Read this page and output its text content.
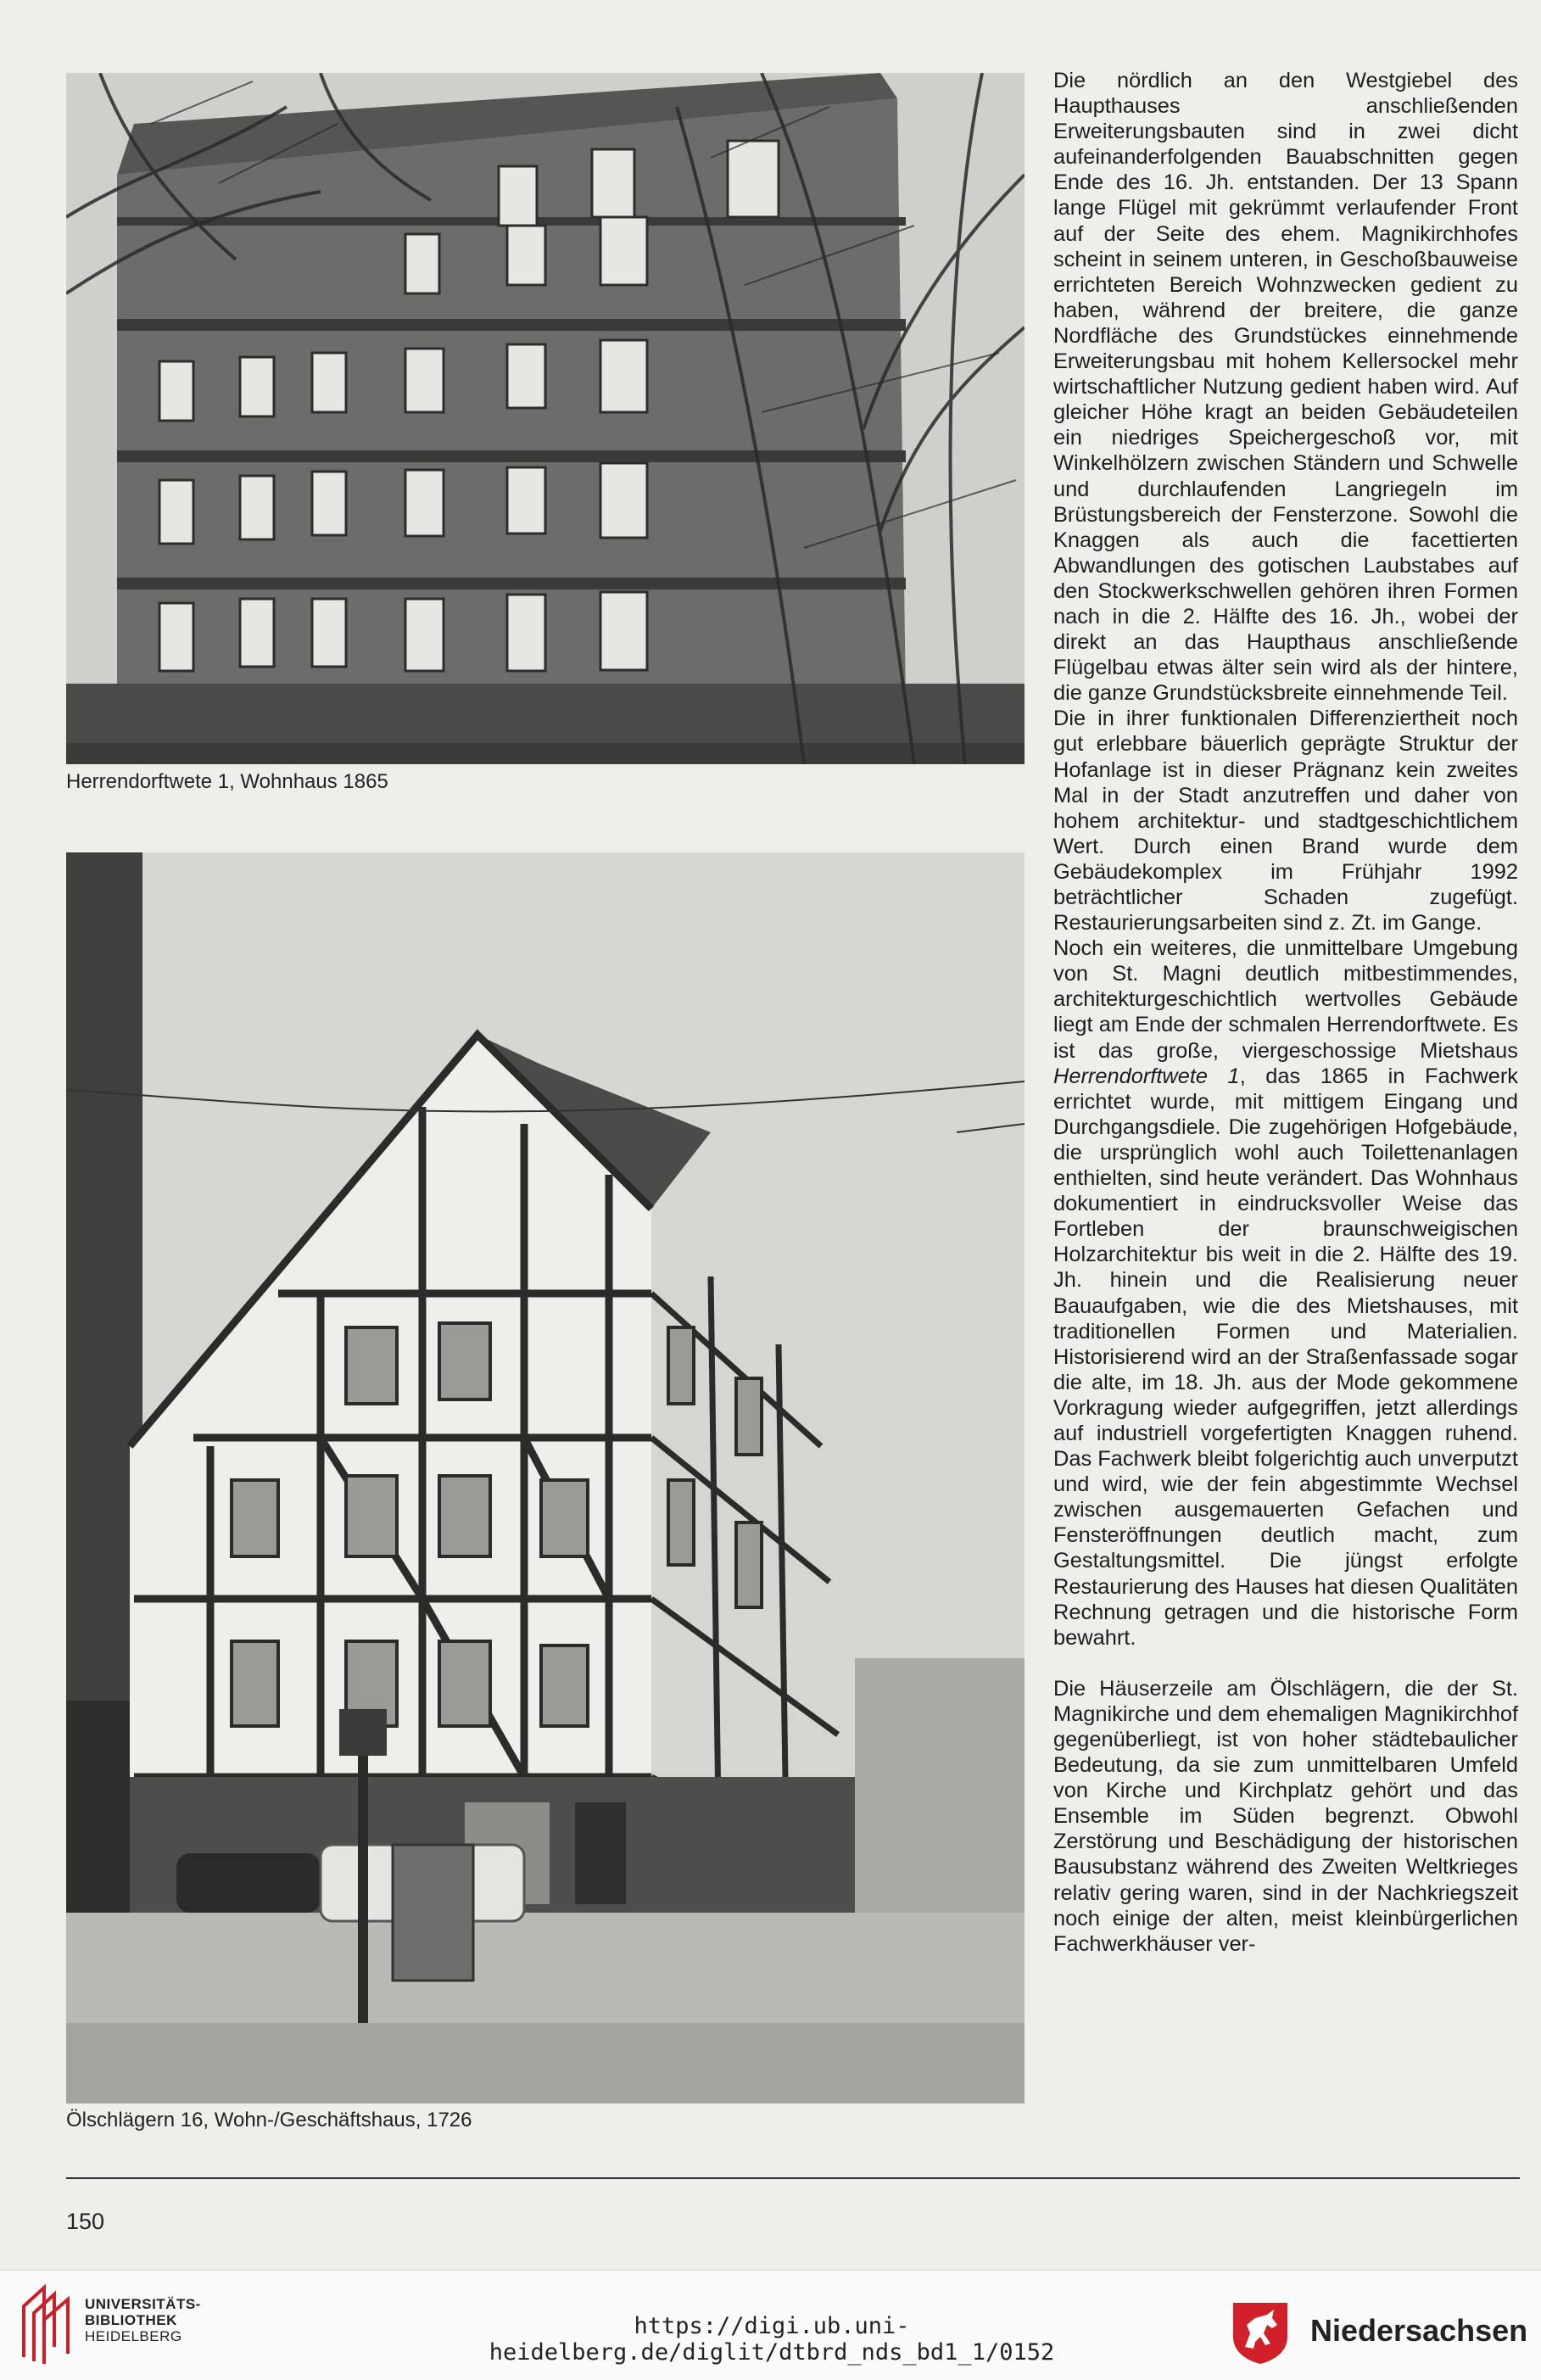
Herrendorftwete 1, Wohnhaus 1865
Ölschlägern 16, Wohn-/Geschäftshaus, 1726

Die nördlich an den Westgiebel des Haupthauses anschließenden Erweiterungsbauten sind in zwei dicht aufeinanderfolgenden Bauabschnitten gegen Ende des 16. Jh. entstanden. Der 13 Spann lange Flügel mit gekrümmt verlaufender Front auf der Seite des ehem. Magnikirchhofes scheint in seinem unteren, in Geschoßbauweise errichteten Bereich Wohnzwecken gedient zu haben, während der breitere, die ganze Nordfläche des Grundstückes einnehmende Erweiterungsbau mit hohem Kellersockel mehr wirtschaftlicher Nutzung gedient haben wird. Auf gleicher Höhe kragt an beiden Gebäudeteilen ein niedriges Speichergeschoß vor, mit Winkelhölzern zwischen Ständern und Schwelle und durchlaufenden Langriegeln im Brüstungsbereich der Fensterzone. Sowohl die Knaggen als auch die facettierten Abwandlungen des gotischen Laubstabes auf den Stockwerkschwellen gehören ihren Formen nach in die 2. Hälfte des 16. Jh., wobei der direkt an das Haupthaus anschließende Flügelbau etwas älter sein wird als der hintere, die ganze Grundstücksbreite einnehmende Teil.

Die in ihrer funktionalen Differenziertheit noch gut erlebbare bäuerlich geprägte Struktur der Hofanlage ist in dieser Prägnanz kein zweites Mal in der Stadt anzutreffen und daher von hohem architektur- und stadtgeschichtlichem Wert. Durch einen Brand wurde dem Gebäudekomplex im Frühjahr 1992 beträchtlicher Schaden zugefügt. Restaurierungsarbeiten sind z. Zt. im Gange.

Noch ein weiteres, die unmittelbare Umgebung von St. Magni deutlich mitbestimmendes, architekturgeschichtlich wertvolles Gebäude liegt am Ende der schmalen Herrendorftwete. Es ist das große, viergeschossige Mietshaus Herrendorftwete 1, das 1865 in Fachwerk errichtet wurde, mit mittigem Eingang und Durchgangsdiele. Die zugehörigen Hofgebäude, die ursprünglich wohl auch Toilettenanlagen enthielten, sind heute verändert. Das Wohnhaus dokumentiert in eindrucksvoller Weise das Fortleben der braunschweigischen Holzarchitektur bis weit in die 2. Hälfte des 19. Jh. hinein und die Realisierung neuer Bauaufgaben, wie die des Mietshauses, mit traditionellen Formen und Materialien. Historisierend wird an der Straßenfassade sogar die alte, im 18. Jh. aus der Mode gekommene Vorkragung wieder aufgegriffen, jetzt allerdings auf industriell vorgefertigten Knaggen ruhend. Das Fachwerk bleibt folgerichtig auch unverputzt und wird, wie der fein abgestimmte Wechsel zwischen ausgemauerten Gefachen und Fensteröffnungen deutlich macht, zum Gestaltungsmittel. Die jüngst erfolgte Restaurierung des Hauses hat diesen Qualitäten Rechnung getragen und die historische Form bewahrt.

Die Häuserzeile am Ölschlägern, die der St. Magnikirche und dem ehemaligen Magnikirchhof gegenüberliegt, ist von hoher städtebaulicher Bedeutung, da sie zum unmittelbaren Umfeld von Kirche und Kirchplatz gehört und das Ensemble im Süden begrenzt. Obwohl Zerstörung und Beschädigung der historischen Bausubstanz während des Zweiten Weltkrieges relativ gering waren, sind in der Nachkriegszeit noch einige der alten, meist kleinbürgerlichen Fachwerkhäuser ver-

150
UNIVERSITÄTS-
BIBLIOTHEK
HEIDELBERG	https://digi.ub.uni-heidelberg.de/diglit/dtbrd_nds_bd1_1/0152
Niedersachsen
